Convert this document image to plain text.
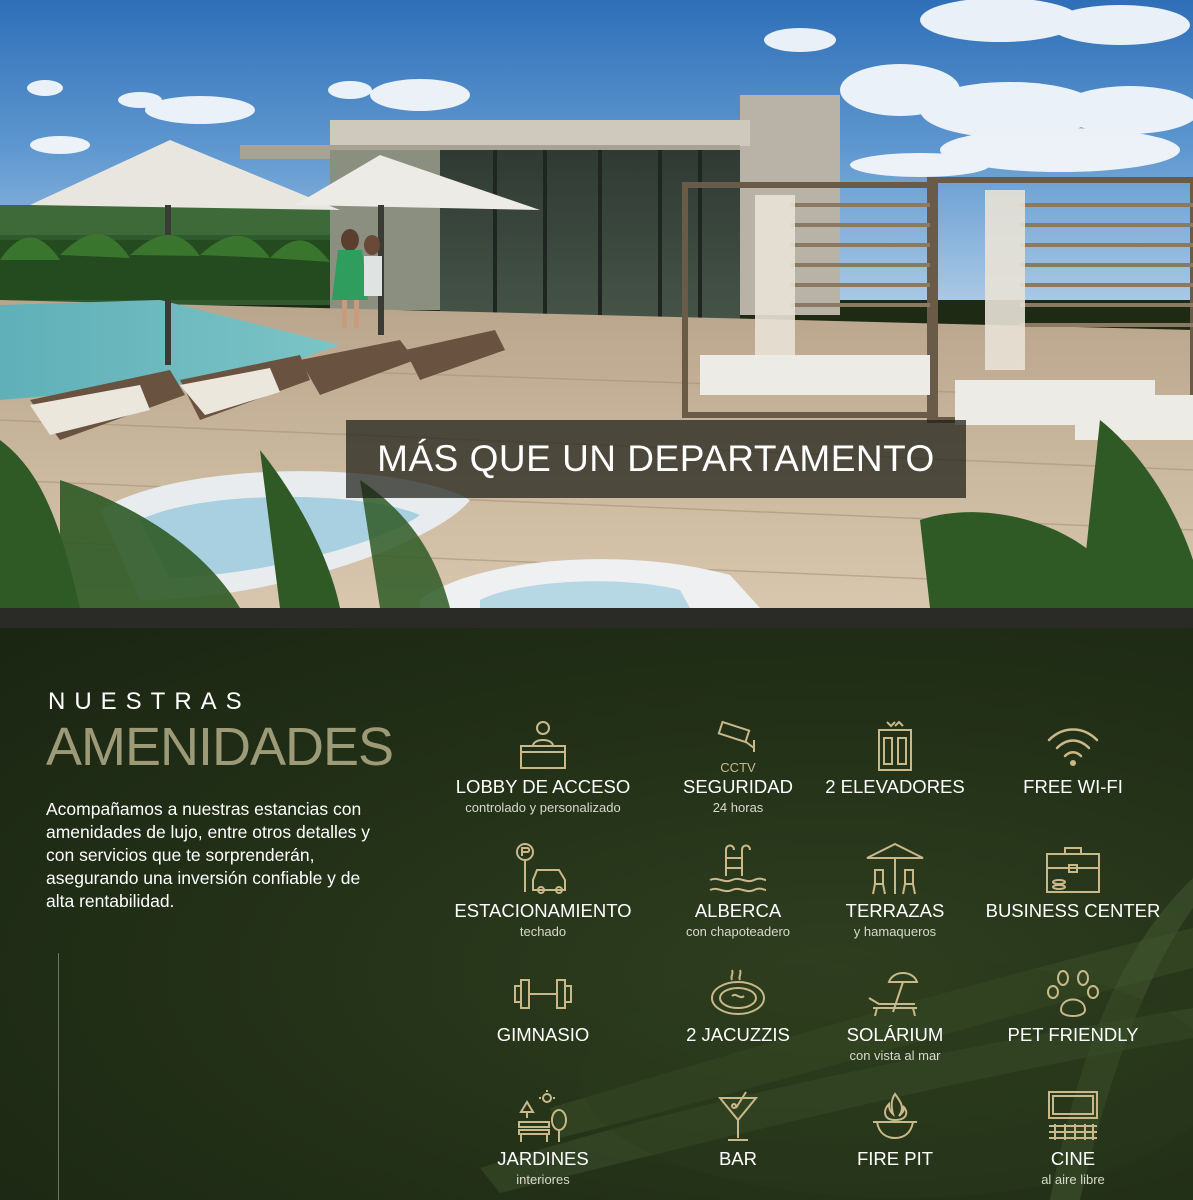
MÁS QUE UN DEPARTAMENTO
NUESTRAS
AMENIDADES

Acompañamos a nuestras estancias con amenidades de lujo, entre otros detalles y con servicios que te sorprenderán, asegurando una inversión confiable y de alta rentabilidad.

LOBBY DE ACCESO
controlado y personalizado
CCTV
SEGURIDAD
24 horas
2 ELEVADORES	FREE WI-FI
ESTACIONAMIENTO
techado
ALBERCA
con chapoteadero
TERRAZAS
y hamaqueros
BUSINESS CENTER
GIMNASIO	2 JACUZZIS	SOLÁRIUM
con vista al mar
PET FRIENDLY
JARDINES
interiores
BAR	FIRE PIT	CINE
al aire libre
